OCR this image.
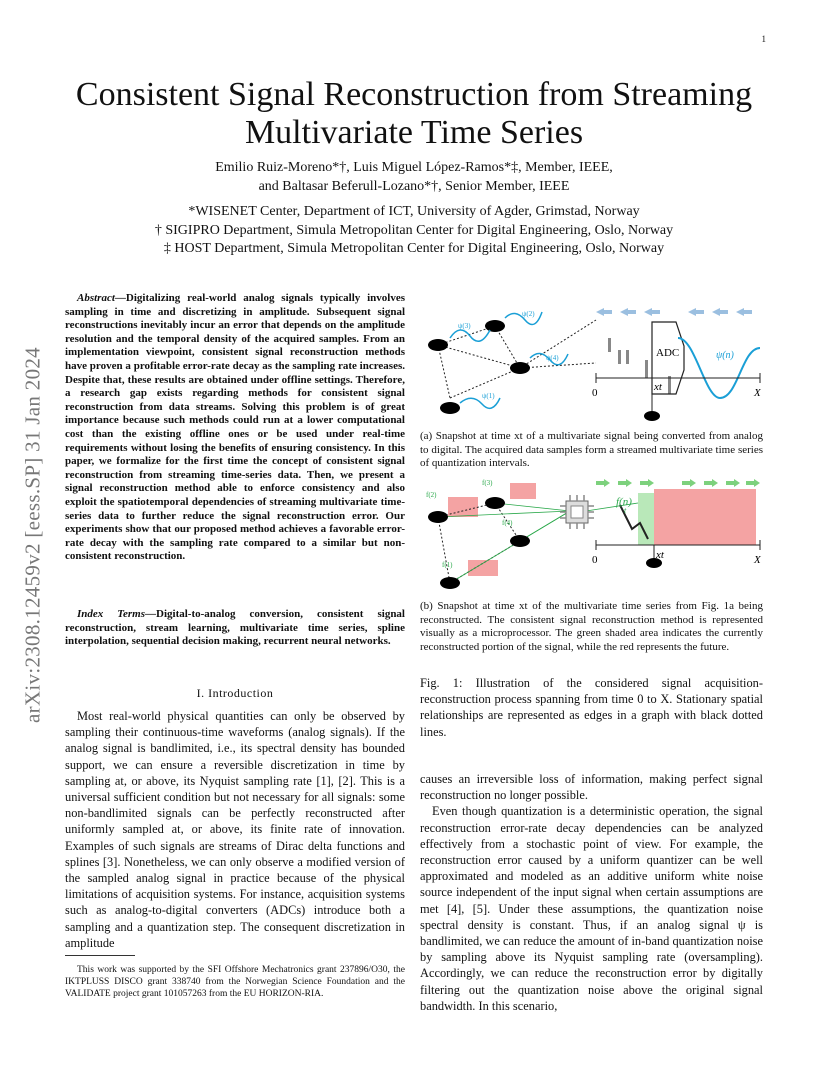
1
arXiv:2308.12459v2 [eess.SP] 31 Jan 2024
Consistent Signal Reconstruction from Streaming
Multivariate Time Series
Emilio Ruiz-Moreno*†, Luis Miguel López-Ramos*‡, Member, IEEE,
and Baltasar Beferull-Lozano*†, Senior Member, IEEE
*WISENET Center, Department of ICT, University of Agder, Grimstad, Norway
† SIGIPRO Department, Simula Metropolitan Center for Digital Engineering, Oslo, Norway
‡ HOST Department, Simula Metropolitan Center for Digital Engineering, Oslo, Norway
Abstract—Digitalizing real-world analog signals typically involves sampling in time and discretizing in amplitude. Subsequent signal reconstructions inevitably incur an error that depends on the amplitude resolution and the temporal density of the acquired samples. From an implementation viewpoint, consistent signal reconstruction methods have proven a profitable error-rate decay as the sampling rate increases. Despite that, these results are obtained under offline settings. Therefore, a research gap exists regarding methods for consistent signal reconstruction from data streams. Solving this problem is of great importance because such methods could run at a lower computational cost than the existing offline ones or be used under real-time requirements without losing the benefits of ensuring consistency. In this paper, we formalize for the first time the concept of consistent signal reconstruction from streaming time-series data. Then, we present a signal reconstruction method able to enforce consistency and also exploit the spatiotemporal dependencies of streaming multivariate time-series data to further reduce the signal reconstruction error. Our experiments show that our proposed method achieves a favorable error-rate decay with the sampling rate compared to a similar but non-consistent reconstruction.
Index Terms—Digital-to-analog conversion, consistent signal reconstruction, stream learning, multivariate time series, spline interpolation, sequential decision making, recurrent neural networks.
I. Introduction
Most real-world physical quantities can only be observed by sampling their continuous-time waveforms (analog signals). If the analog signal is bandlimited, i.e., its spectral density has bounded support, we can ensure a reversible discretization in time by sampling at, or above, its Nyquist sampling rate [1], [2]. This is a universal sufficient condition but not necessary for all signals: some non-bandlimited signals can be perfectly reconstructed after uniformly sampled at, or above, its finite rate of innovation. Examples of such signals are streams of Dirac delta functions and splines [3]. Nonetheless, we can only observe a modified version of the sampled analog signal in practice because of the physical limitations of acquisition systems. For instance, acquisition systems such as analog-to-digital converters (ADCs) introduce both a sampling and a quantization step. The consequent discretization in amplitude
This work was supported by the SFI Offshore Mechatronics grant 237896/O30, the IKTPLUSS DISCO grant 338740 from the Norwegian Science Foundation and the VALIDATE project grant 101057263 from the EU HORIZON-RIA.
ψ(3)
ψ(2)
ψ(4)
ψ(1)
ADC	ψ(n)
0	xt	X
(a) Snapshot at time xt of a multivariate signal being converted from analog to digital. The acquired data samples form a streamed multivariate time series of quantization intervals.
f(2)
f(3)
f(4)
f(1)
f(n)
t
0	xt	X
(b) Snapshot at time xt of the multivariate time series from Fig. 1a being reconstructed. The consistent signal reconstruction method is represented visually as a microprocessor. The green shaded area indicates the currently reconstructed portion of the signal, while the red represents the future.
Fig. 1: Illustration of the considered signal acquisition-reconstruction process spanning from time 0 to X. Stationary spatial relationships are represented as edges in a graph with black dotted lines.

causes an irreversible loss of information, making perfect signal reconstruction no longer possible.

Even though quantization is a deterministic operation, the signal reconstruction error-rate decay dependencies can be analyzed effectively from a stochastic point of view. For example, the reconstruction error caused by a uniform quantizer can be well approximated and modeled as an additive uniform white noise source independent of the input signal when certain assumptions are met [4], [5]. Under these assumptions, the quantization noise spectral density is constant. Thus, if an analog signal ψ is bandlimited, we can reduce the amount of in-band quantization noise by sampling above its Nyquist sampling rate (oversampling). Accordingly, we can reduce the reconstruction error by digitally filtering out the quantization noise above the original signal bandwidth. In this scenario,
